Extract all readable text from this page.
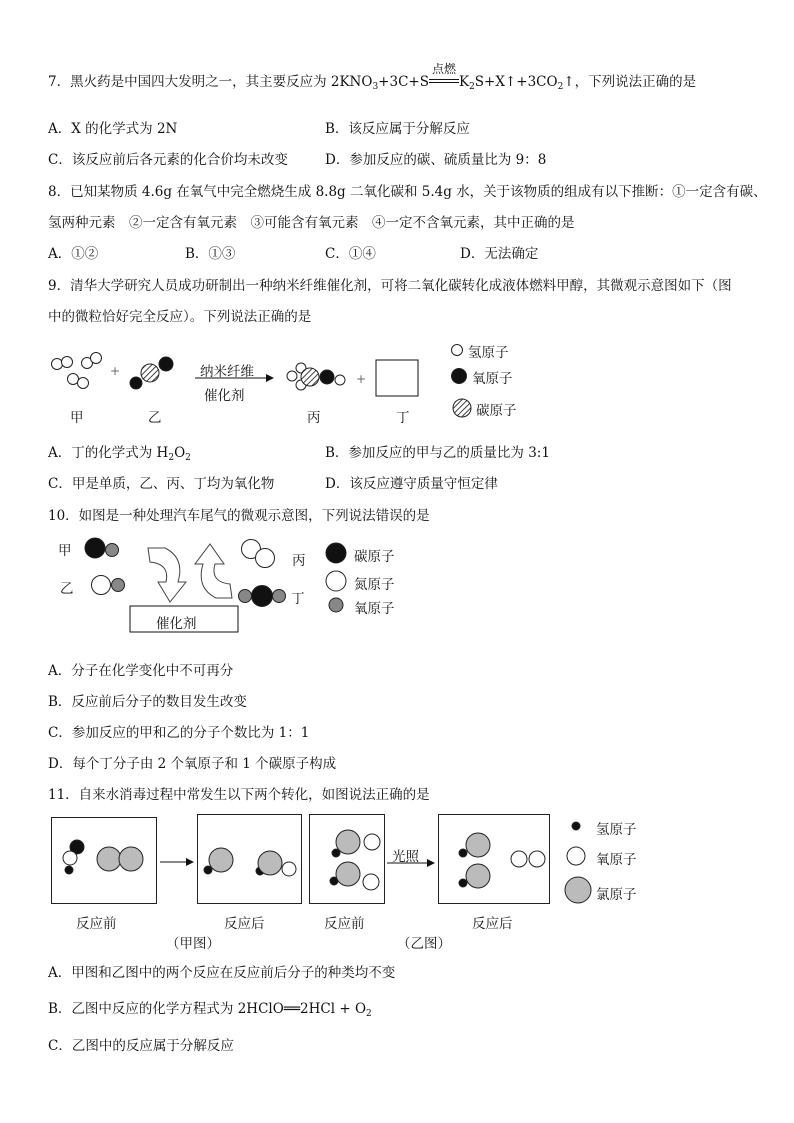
7．黑火药是中国四大发明之一，其主要反应为 $2KNO_3+3C+S$
点燃
$K_2S+X↑+3CO_2↑$，下列说法正确的是
A．X 的化学式为 2N	B．该反应属于分解反应
C．该反应前后各元素的化合价均未改变	D．参加反应的碳、硫质量比为 9：8
8．已知某物质 4.6g 在氧气中完全燃烧生成 8.8g 二氧化碳和 5.4g 水，关于该物质的组成有以下推断：①一定含有碳、
氢两种元素　②一定含有氧元素　③可能含有氧元素　④一定不含氧元素，其中正确的是
A．①②	B．①③	C．①④	D．无法确定
9．清华大学研究人员成功研制出一种纳米纤维催化剂，可将二氧化碳转化成液体燃料甲醇，其微观示意图如下（图
中的微粒恰好完全反应）。下列说法正确的是
+
+
纳米纤维
催化剂
甲	乙	丙	丁
氢原子
氧原子
碳原子
A．丁的化学式为 $H_2O_2$	B．参加反应的甲与乙的质量比为 3:1
C．甲是单质，乙、丙、丁均为氧化物	D．该反应遵守质量守恒定律
10．如图是一种处理汽车尾气的微观示意图，下列说法错误的是
甲
乙
丙
丁
催化剂
碳原子
氮原子
氧原子
A．分子在化学变化中不可再分
B．反应前后分子的数目发生改变
C．参加反应的甲和乙的分子个数比为 1：1
D．每个丁分子由 2 个氧原子和 1 个碳原子构成
11．自来水消毒过程中常发生以下两个转化，如图说法正确的是
光照
氢原子
氧原子
氯原子
反应前	反应后	反应前	反应后
（甲图）	（乙图）
A．甲图和乙图中的两个反应在反应前后分子的种类均不变
B．乙图中反应的化学方程式为 2HClO══2HCl + $O_2$
C．乙图中的反应属于分解反应
